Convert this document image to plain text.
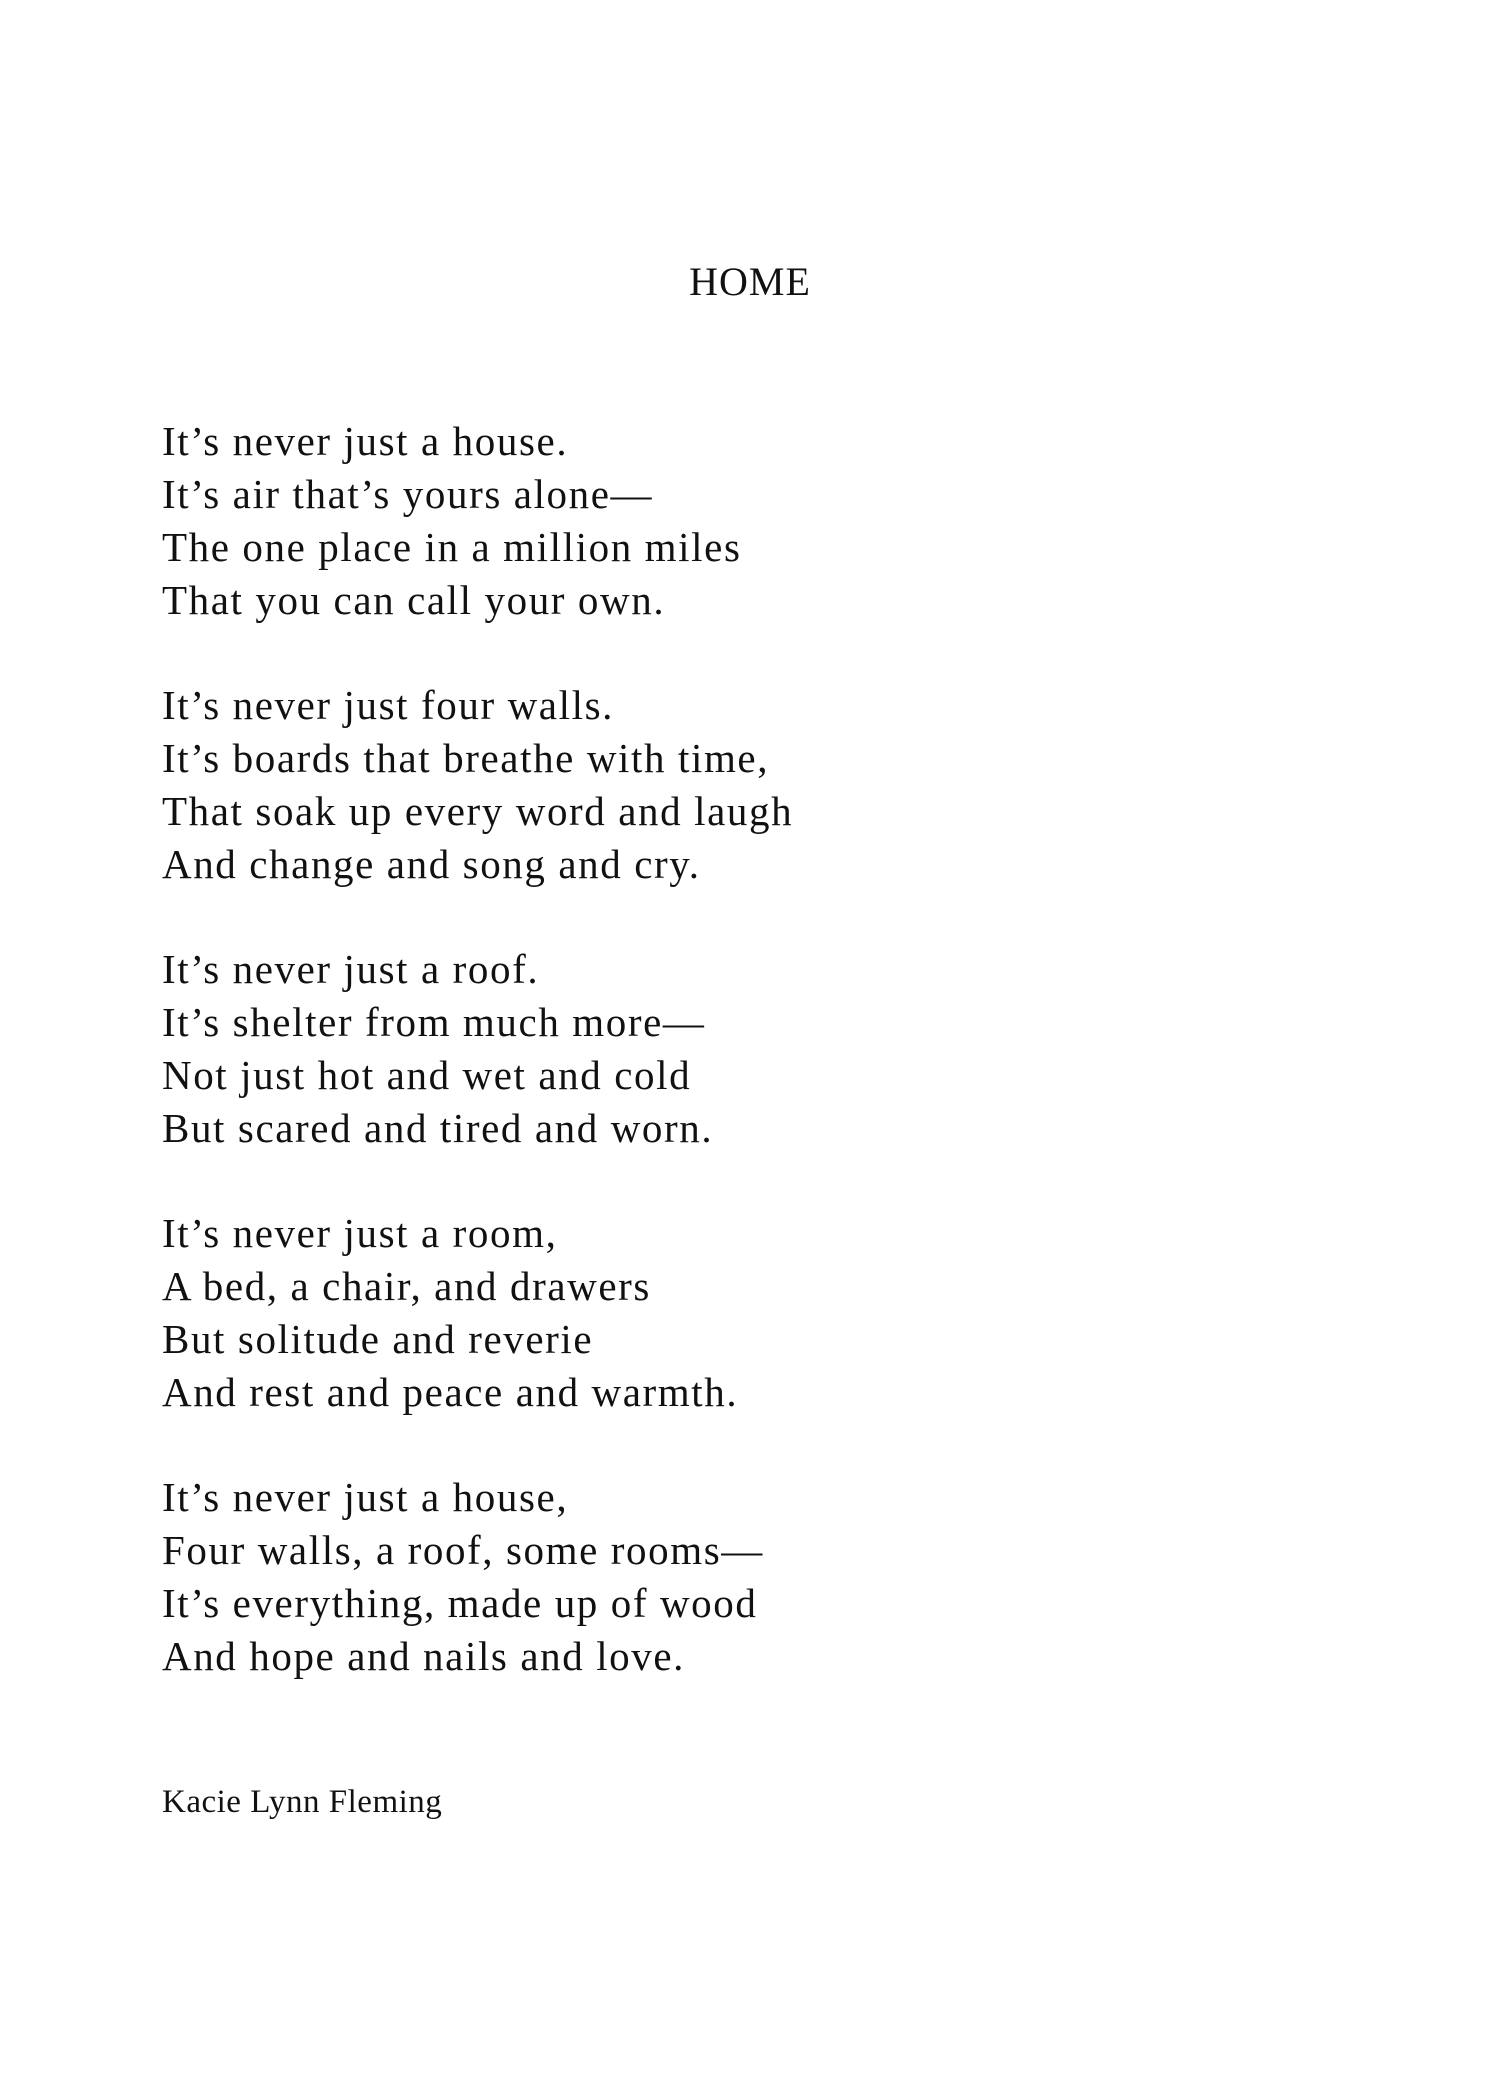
HOME
It’s never just a house.
It’s air that’s yours alone—
The one place in a million miles
That you can call your own.
It’s never just four walls.
It’s boards that breathe with time,
That soak up every word and laugh
And change and song and cry.
It’s never just a roof.
It’s shelter from much more—
Not just hot and wet and cold
But scared and tired and worn.
It’s never just a room,
A bed, a chair, and drawers
But solitude and reverie
And rest and peace and warmth.
It’s never just a house,
Four walls, a roof, some rooms—
It’s everything, made up of wood
And hope and nails and love.
Kacie Lynn Fleming
